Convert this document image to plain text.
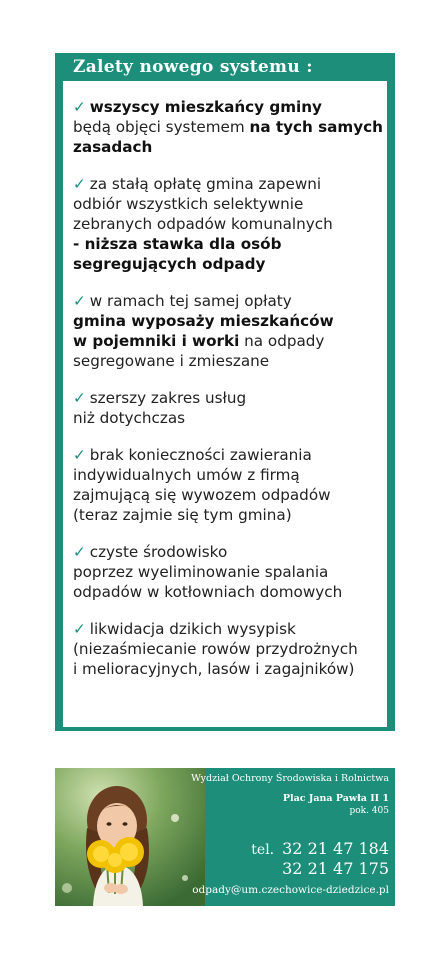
Zalety nowego systemu :
✓ wszyscy mieszkańcy gminy
będą objęci systemem na tych samych
zasadach
✓ za stałą opłatę gmina zapewni
odbiór wszystkich selektywnie
zebranych odpadów komunalnych
- niższa stawka dla osób
segregujących odpady
✓ w ramach tej samej opłaty
gmina wyposaży mieszkańców
w pojemniki i worki na odpady
segregowane i zmieszane
✓ szerszy zakres usług
niż dotychczas
✓ brak konieczności zawierania
indywidualnych umów z firmą
zajmującą się wywozem odpadów
(teraz zajmie się tym gmina)
✓ czyste środowisko
poprzez wyeliminowanie spalania
odpadów w kotłowniach domowych
✓ likwidacja dzikich wysypisk
(niezaśmiecanie rowów przydrożnych
i melioracyjnych, lasów i zagajników)
Wydział Ochrony Środowiska i Rolnictwa
Plac Jana Pawła II 1
pok. 405
tel. 32 21 47 184
32 21 47 175
odpady@um.czechowice-dziedzice.pl
